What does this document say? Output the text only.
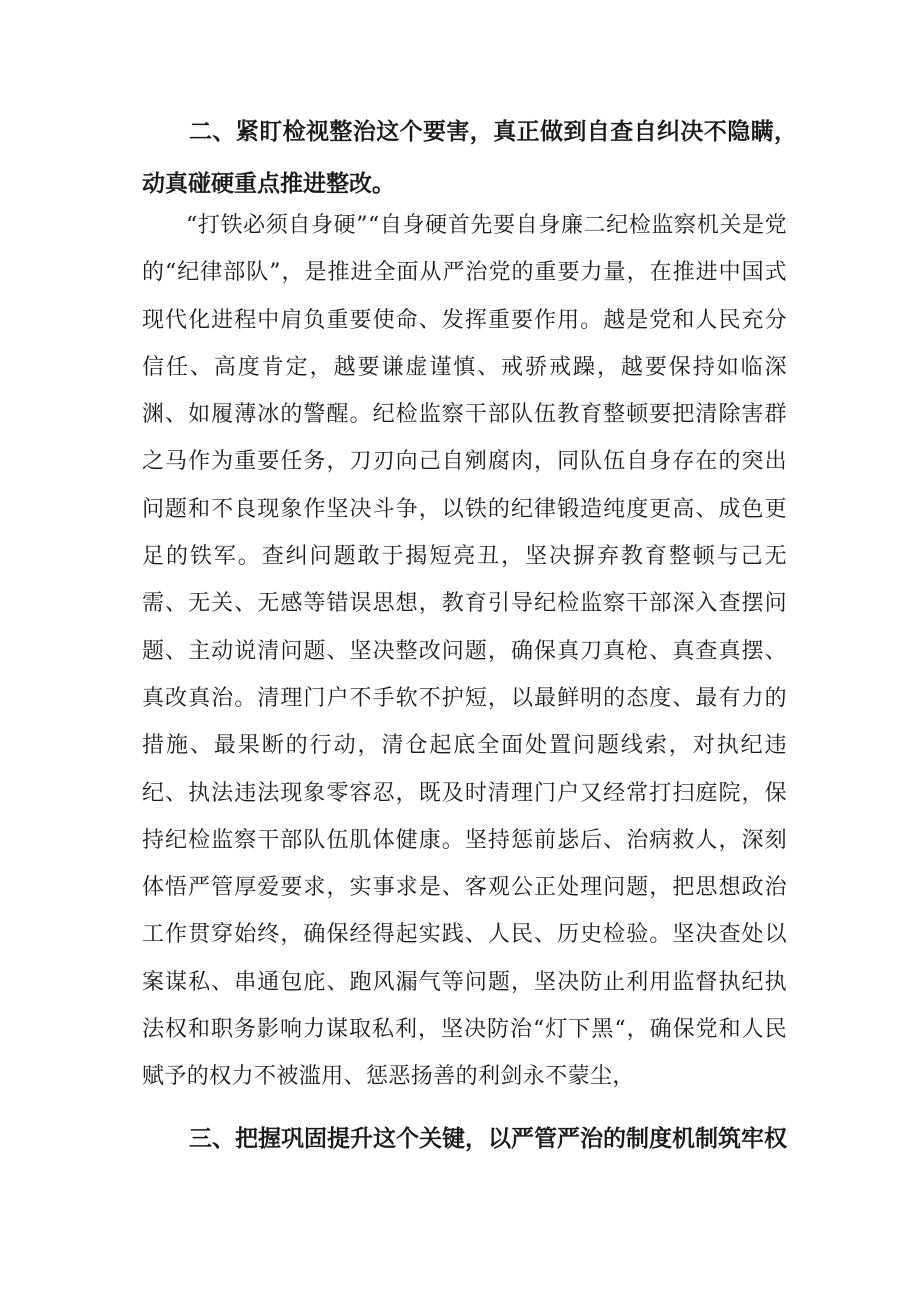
二、紧盯检视整治这个要害，真正做到自查自纠决不隐瞒，动真碰硬重点推进整改。

“打铁必须自身硬”“自身硬首先要自身廉二纪检监察机关是党的“纪律部队”，是推进全面从严治党的重要力量，在推进中国式现代化进程中肩负重要使命、发挥重要作用。越是党和人民充分信任、高度肯定，越要谦虚谨慎、戒骄戒躁，越要保持如临深渊、如履薄冰的警醒。纪检监察干部队伍教育整顿要把清除害群之马作为重要任务，刀刃向己自剜腐肉，同队伍自身存在的突出问题和不良现象作坚决斗争，以铁的纪律锻造纯度更高、成色更足的铁军。查纠问题敢于揭短亮丑，坚决摒弃教育整顿与己无需、无关、无感等错误思想，教育引导纪检监察干部深入查摆问题、主动说清问题、坚决整改问题，确保真刀真枪、真查真摆、真改真治。清理门户不手软不护短，以最鲜明的态度、最有力的措施、最果断的行动，清仓起底全面处置问题线索，对执纪违纪、执法违法现象零容忍，既及时清理门户又经常打扫庭院，保持纪检监察干部队伍肌体健康。坚持惩前毖后、治病救人，深刻体悟严管厚爱要求，实事求是、客观公正处理问题，把思想政治工作贯穿始终，确保经得起实践、人民、历史检验。坚决查处以案谋私、串通包庇、跑风漏气等问题，坚决防止利用监督执纪执法权和职务影响力谋取私利，坚决防治“灯下黑“，确保党和人民赋予的权力不被滥用、惩恶扬善的利剑永不蒙尘，

三、把握巩固提升这个关键，以严管严治的制度机制筑牢权
